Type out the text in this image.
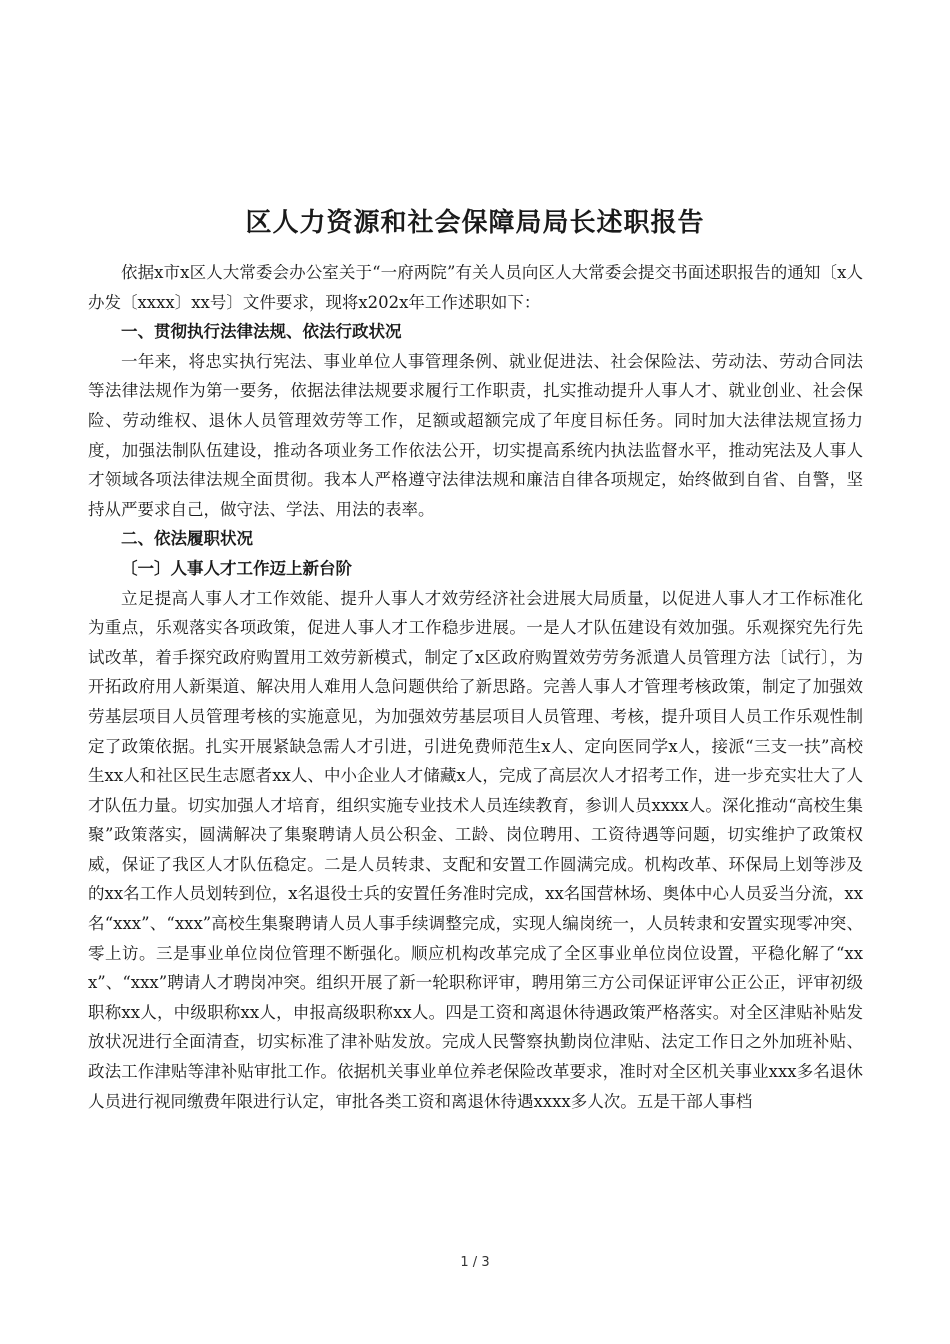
区人力资源和社会保障局局长述职报告

依据x市x区人大常委会办公室关于“一府两院”有关人员向区人大常委会提交书面述职报告的通知〔x人办发〔xxxx〕xx号〕文件要求，现将x202x年工作述职如下：

一、贯彻执行法律法规、依法行政状况

一年来，将忠实执行宪法、事业单位人事管理条例、就业促进法、社会保险法、劳动法、劳动合同法等法律法规作为第一要务，依据法律法规要求履行工作职责，扎实推动提升人事人才、就业创业、社会保险、劳动维权、退休人员管理效劳等工作，足额或超额完成了年度目标任务。同时加大法律法规宣扬力度，加强法制队伍建设，推动各项业务工作依法公开，切实提高系统内执法监督水平，推动宪法及人事人才领域各项法律法规全面贯彻。我本人严格遵守法律法规和廉洁自律各项规定，始终做到自省、自警，坚持从严要求自己，做守法、学法、用法的表率。

二、依法履职状况

〔一〕人事人才工作迈上新台阶

立足提高人事人才工作效能、提升人事人才效劳经济社会进展大局质量，以促进人事人才工作标准化为重点，乐观落实各项政策，促进人事人才工作稳步进展。一是人才队伍建设有效加强。乐观探究先行先试改革，着手探究政府购置用工效劳新模式，制定了x区政府购置效劳劳务派遣人员管理方法〔试行〕，为开拓政府用人新渠道、解决用人难用人急问题供给了新思路。完善人事人才管理考核政策，制定了加强效劳基层项目人员管理考核的实施意见，为加强效劳基层项目人员管理、考核，提升项目人员工作乐观性制定了政策依据。扎实开展紧缺急需人才引进，引进免费师范生x人、定向医同学x人，接派“三支一扶”高校生xx人和社区民生志愿者xx人、中小企业人才储藏x人，完成了高层次人才招考工作，进一步充实壮大了人才队伍力量。切实加强人才培育，组织实施专业技术人员连续教育，参训人员xxxx人。深化推动“高校生集聚”政策落实，圆满解决了集聚聘请人员公积金、工龄、岗位聘用、工资待遇等问题，切实维护了政策权威，保证了我区人才队伍稳定。二是人员转隶、支配和安置工作圆满完成。机构改革、环保局上划等涉及的xx名工作人员划转到位，x名退役士兵的安置任务准时完成，xx名国营林场、奥体中心人员妥当分流，xx名“xxx”、“xxx”高校生集聚聘请人员人事手续调整完成，实现人编岗统一，人员转隶和安置实现零冲突、零上访。三是事业单位岗位管理不断强化。顺应机构改革完成了全区事业单位岗位设置，平稳化解了“xxx”、“xxx”聘请人才聘岗冲突。组织开展了新一轮职称评审，聘用第三方公司保证评审公正公正，评审初级职称xx人，中级职称xx人，申报高级职称xx人。四是工资和离退休待遇政策严格落实。对全区津贴补贴发放状况进行全面清查，切实标准了津补贴发放。完成人民警察执勤岗位津贴、法定工作日之外加班补贴、政法工作津贴等津补贴审批工作。依据机关事业单位养老保险改革要求，准时对全区机关事业xxx多名退休人员进行视同缴费年限进行认定，审批各类工资和离退休待遇xxxx多人次。五是干部人事档

1 / 3
